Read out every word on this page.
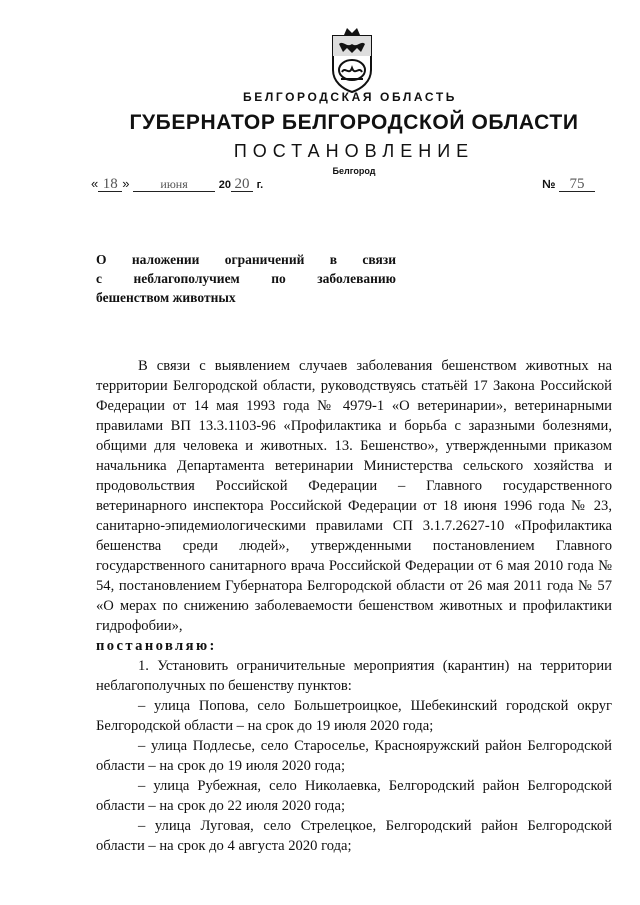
БЕЛГОРОДСКАЯ ОБЛАСТЬ
ГУБЕРНАТОР БЕЛГОРОДСКОЙ ОБЛАСТИ
ПОСТАНОВЛЕНИЕ
Белгород
« 18 »	июня	20 20 г.	№ 75
О наложении ограничений в связи
с неблагополучием по заболеванию
бешенством животных

В связи с выявлением случаев заболевания бешенством животных на территории Белгородской области, руководствуясь статьёй 17 Закона Российской Федерации от 14 мая 1993 года № 4979-1 «О ветеринарии», ветеринарными правилами ВП 13.3.1103-96 «Профилактика и борьба с заразными болезнями, общими для человека и животных. 13. Бешенство», утвержденными приказом начальника Департамента ветеринарии Министерства сельского хозяйства и продовольствия Российской Федерации – Главного государственного ветеринарного инспектора Российской Федерации от 18 июня 1996 года № 23, санитарно-эпидемиологическими правилами СП 3.1.7.2627-10 «Профилактика бешенства среди людей», утвержденными постановлением Главного государственного санитарного врача Российской Федерации от 6 мая 2010 года № 54, постановлением Губернатора Белгородской области от 26 мая 2011 года № 57 «О мерах по снижению заболеваемости бешенством животных и профилактики гидрофобии»,

постановляю:

1. Установить ограничительные мероприятия (карантин) на территории неблагополучных по бешенству пунктов:

– улица Попова, село Большетроицкое, Шебекинский городской округ Белгородской области – на срок до 19 июля 2020 года;

– улица Подлесье, село Староселье, Краснояружский район Белгородской области – на срок до 19 июля 2020 года;

– улица Рубежная, село Николаевка, Белгородский район Белгородской области – на срок до 22 июля 2020 года;

– улица Луговая, село Стрелецкое, Белгородский район Белгородской области – на срок до 4 августа 2020 года;
